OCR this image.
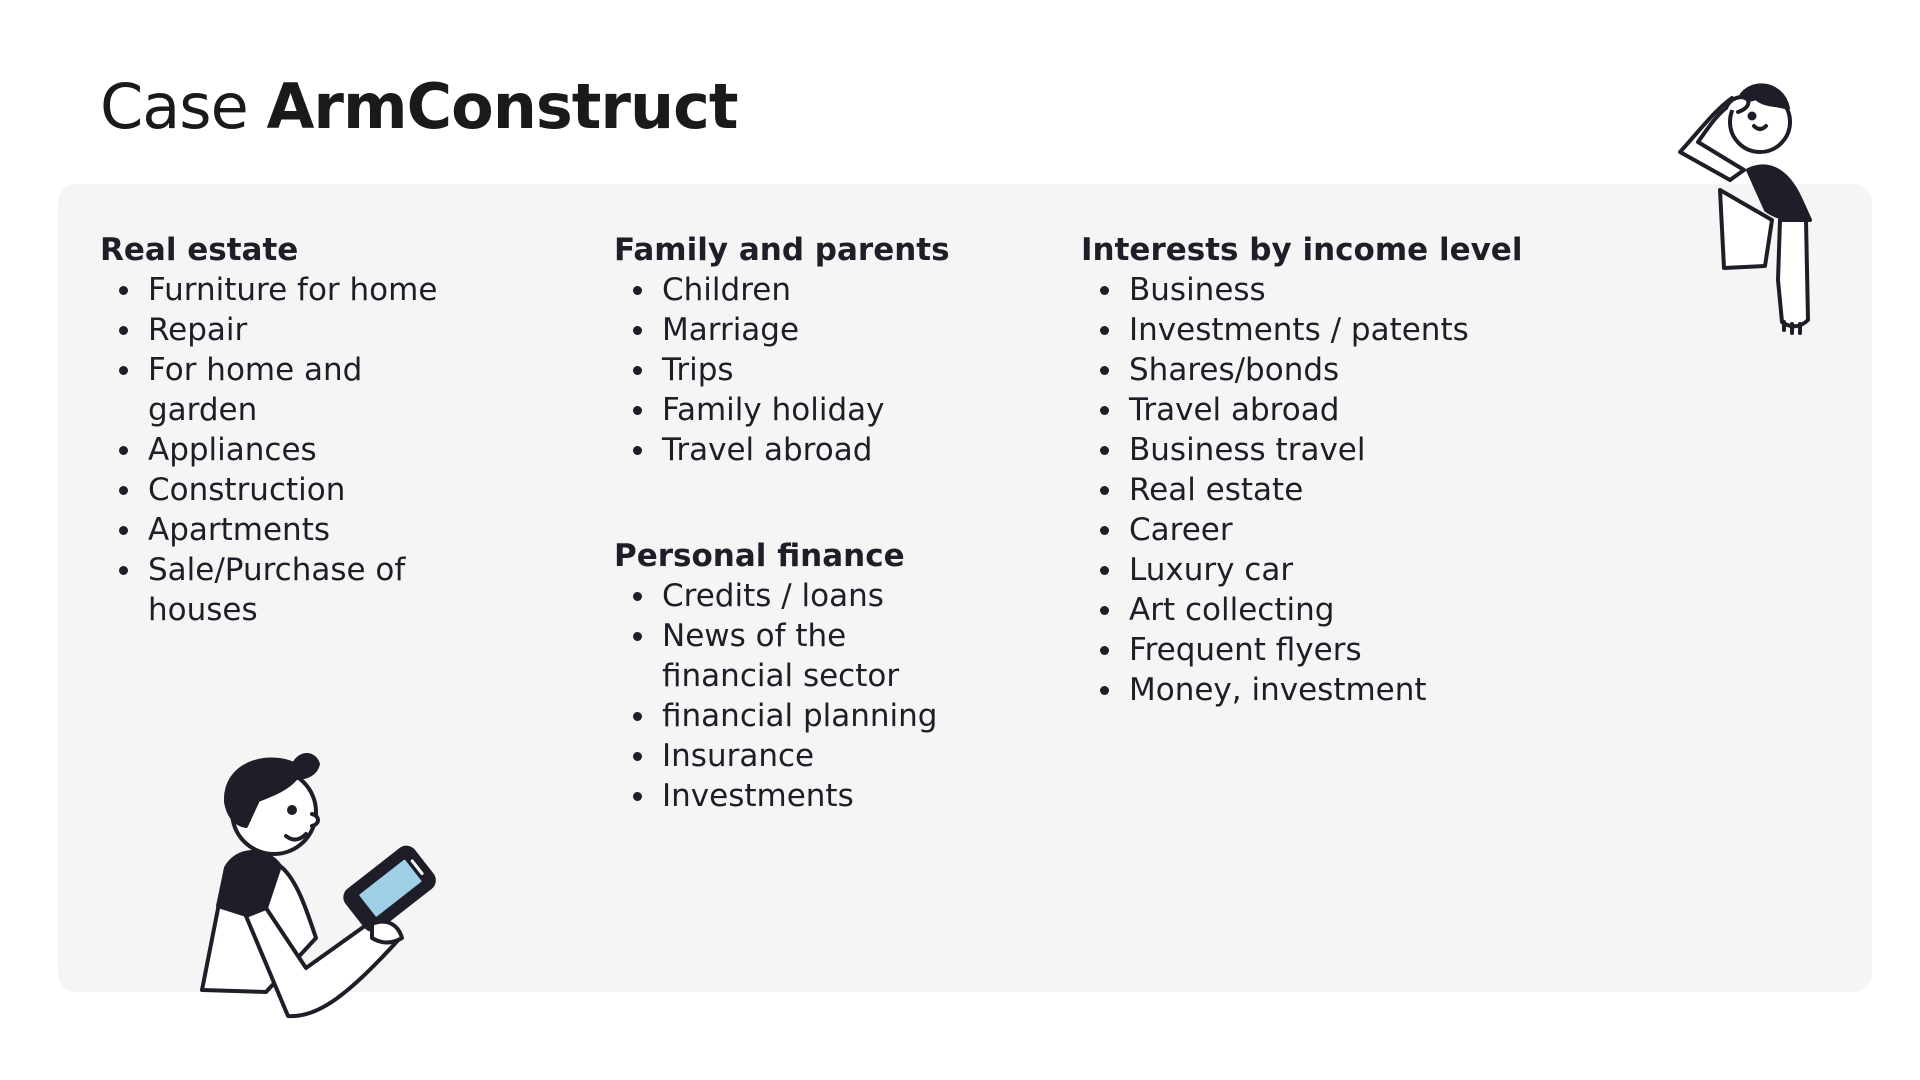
Case ArmConstruct

Real estate

Furniture for home
Repair
For home and garden
Appliances
Construction
Apartments
Sale/Purchase of houses

Family and parents

Children
Marriage
Trips
Family holiday
Travel abroad

Personal finance

Credits / loans
News of the financial sector
financial planning
Insurance
Investments

Interests by income level

Business
Investments / patents
Shares/bonds
Travel abroad
Business travel
Real estate
Career
Luxury car
Art collecting
Frequent flyers
Money, investment
